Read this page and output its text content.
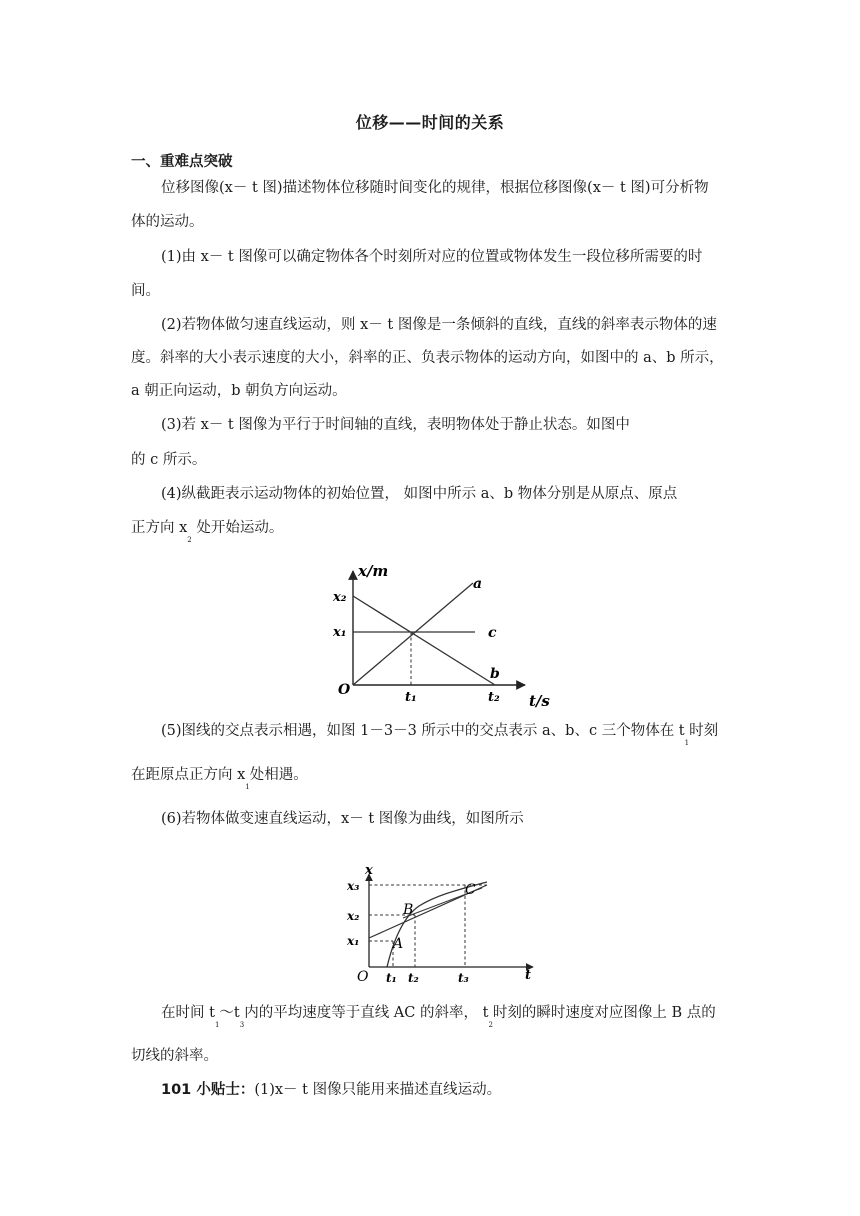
位移——时间的关系
一、重难点突破
位移图像(x－ t 图)描述物体位移随时间变化的规律，根据位移图像(x－ t 图)可分析物
体的运动。
(1)由 x－ t 图像可以确定物体各个时刻所对应的位置或物体发生一段位移所需要的时
间。
(2)若物体做匀速直线运动，则 x－ t 图像是一条倾斜的直线，直线的斜率表示物体的速
度。斜率的大小表示速度的大小，斜率的正、负表示物体的运动方向，如图中的 a、b 所示，
a 朝正向运动，b 朝负方向运动。
(3)若 x－ t 图像为平行于时间轴的直线，表明物体处于静止状态。如图中
的 c 所示。
(4)纵截距表示运动物体的初始位置， 如图中所示 a、b 物体分别是从原点、原点
正方向 $x_2$ 处开始运动。
x/m
t/s
O
x₂
x₁
t₁	t₂
a
b
c
(5)图线的交点表示相遇，如图 1－3－3 所示中的交点表示 a、b、c 三个物体在 $t_1$时刻
在距原点正方向 $x_1$处相遇。
(6)若物体做变速直线运动，x－ t 图像为曲线，如图所示
x
t
O
x₃
x₂
x₁
t₁ t₂	t₃
A
B
C
在时间 $t_1\sim t_3$内的平均速度等于直线 AC 的斜率， $t_2$时刻的瞬时速度对应图像上 B 点的
切线的斜率。
101 小贴士：(1)x－ t 图像只能用来描述直线运动。
